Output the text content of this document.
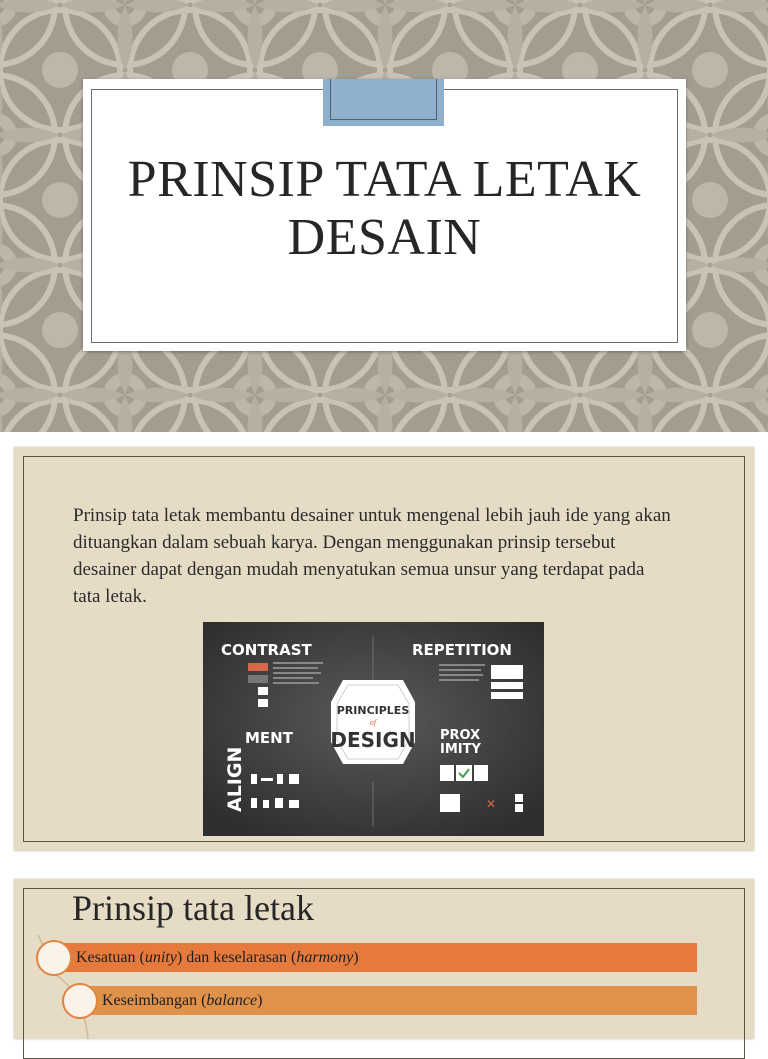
PRINSIP TATA LETAK DESAIN
Prinsip tata letak membantu desainer untuk mengenal lebih jauh ide yang akan dituangkan dalam sebuah karya. Dengan menggunakan prinsip tersebut desainer dapat dengan mudah menyatukan semua unsur yang terdapat pada tata letak.
CONTRAST	REPETITION
PRINCIPLES
of
DESIGN
ALIGN
MENT	PROX
IMITY
✕
Prinsip tata letak
Kesatuan (unity) dan keselarasan (harmony)
Keseimbangan (balance)
